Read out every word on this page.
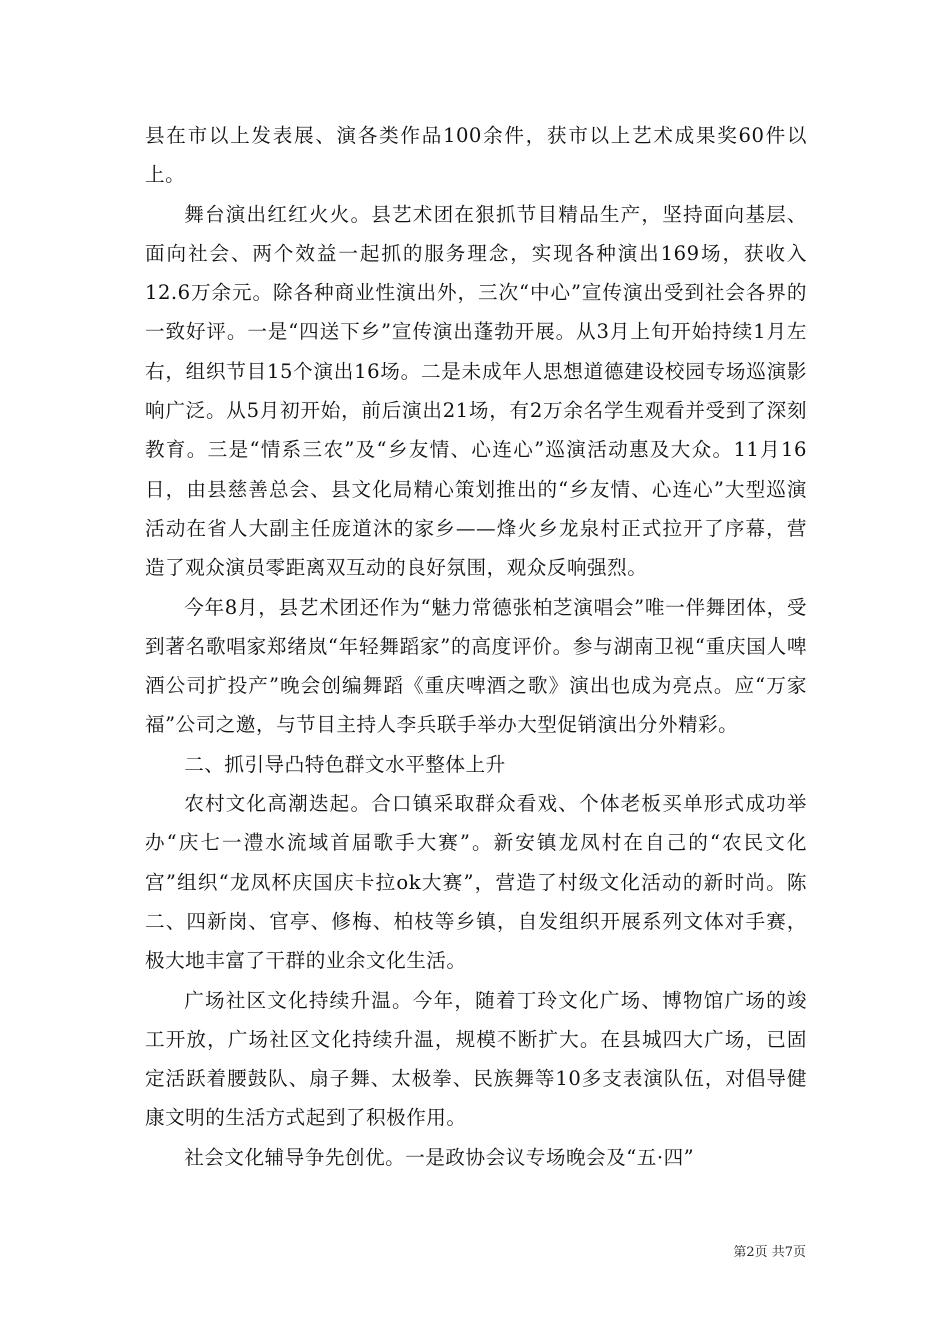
县在市以上发表展、演各类作品100余件，获市以上艺术成果奖60件以上。

舞台演出红红火火。县艺术团在狠抓节目精品生产，坚持面向基层、面向社会、两个效益一起抓的服务理念，实现各种演出169场，获收入12.6万余元。除各种商业性演出外，三次“中心”宣传演出受到社会各界的一致好评。一是“四送下乡”宣传演出蓬勃开展。从3月上旬开始持续1月左右，组织节目15个演出16场。二是未成年人思想道德建设校园专场巡演影响广泛。从5月初开始，前后演出21场，有2万余名学生观看并受到了深刻教育。三是“情系三农”及“乡友情、心连心”巡演活动惠及大众。11月16日，由县慈善总会、县文化局精心策划推出的“乡友情、心连心”大型巡演活动在省人大副主任庞道沐的家乡——烽火乡龙泉村正式拉开了序幕，营造了观众演员零距离双互动的良好氛围，观众反响强烈。

今年8月，县艺术团还作为“魅力常德张柏芝演唱会”唯一伴舞团体，受到著名歌唱家郑绪岚“年轻舞蹈家”的高度评价。参与湖南卫视“重庆国人啤酒公司扩投产”晚会创编舞蹈《重庆啤酒之歌》演出也成为亮点。应“万家福”公司之邀，与节目主持人李兵联手举办大型促销演出分外精彩。

二、抓引导凸特色群文水平整体上升

农村文化高潮迭起。合口镇采取群众看戏、个体老板买单形式成功举办“庆七一澧水流域首届歌手大赛”。新安镇龙凤村在自己的“农民文化宫”组织“龙凤杯庆国庆卡拉ok大赛”，营造了村级文化活动的新时尚。陈二、四新岗、官亭、修梅、柏枝等乡镇，自发组织开展系列文体对手赛，极大地丰富了干群的业余文化生活。

广场社区文化持续升温。今年，随着丁玲文化广场、博物馆广场的竣工开放，广场社区文化持续升温，规模不断扩大。在县城四大广场，已固定活跃着腰鼓队、扇子舞、太极拳、民族舞等10多支表演队伍，对倡导健康文明的生活方式起到了积极作用。

社会文化辅导争先创优。一是政协会议专场晚会及“五·四”

第2页 共7页
